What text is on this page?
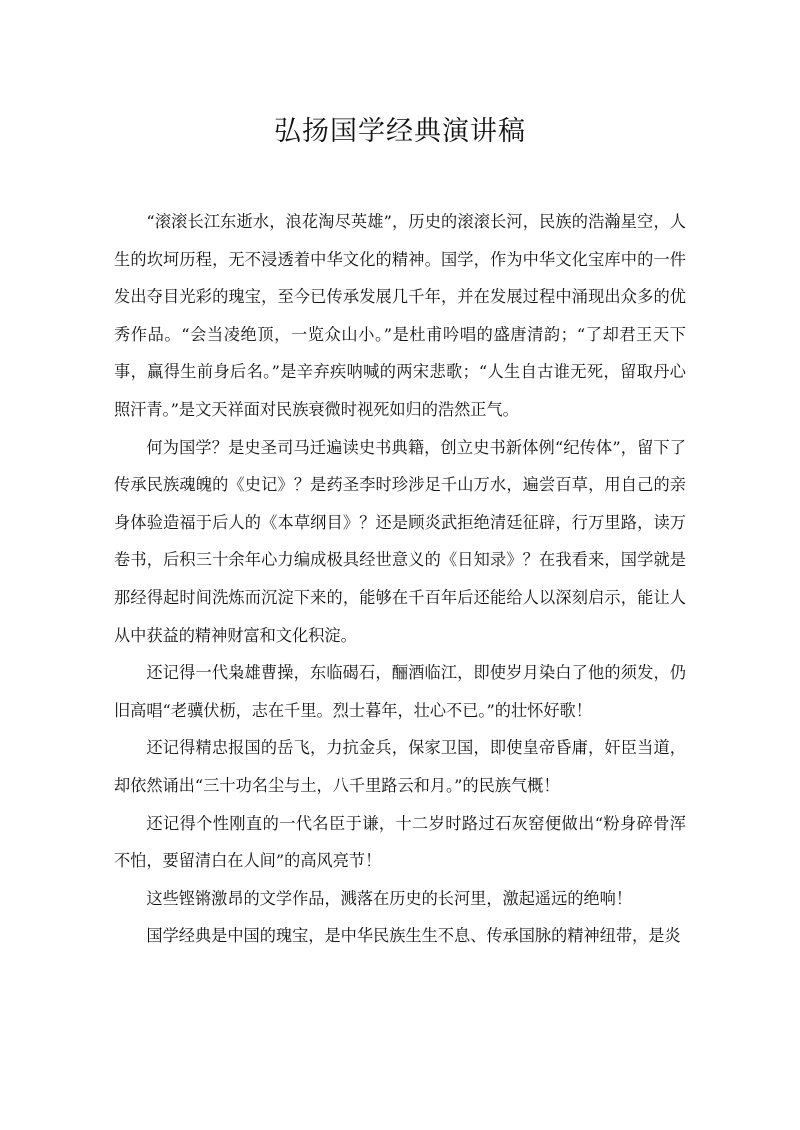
弘扬国学经典演讲稿

“滚滚长江东逝水，浪花淘尽英雄”，历史的滚滚长河，民族的浩瀚星空，人生的坎坷历程，无不浸透着中华文化的精神。国学，作为中华文化宝库中的一件发出夺目光彩的瑰宝，至今已传承发展几千年，并在发展过程中涌现出众多的优秀作品。“会当凌绝顶，一览众山小。”是杜甫吟唱的盛唐清韵；“了却君王天下事，赢得生前身后名。”是辛弃疾呐喊的两宋悲歌；“人生自古谁无死，留取丹心照汗青。”是文天祥面对民族衰微时视死如归的浩然正气。

何为国学？是史圣司马迁遍读史书典籍，创立史书新体例“纪传体”，留下了传承民族魂魄的《史记》？是药圣李时珍涉足千山万水，遍尝百草，用自己的亲身体验造福于后人的《本草纲目》？还是顾炎武拒绝清廷征辟，行万里路，读万卷书，后积三十余年心力编成极具经世意义的《日知录》？在我看来，国学就是那经得起时间洗炼而沉淀下来的，能够在千百年后还能给人以深刻启示，能让人从中获益的精神财富和文化积淀。

还记得一代枭雄曹操，东临碣石，酾酒临江，即使岁月染白了他的须发，仍旧高唱“老骥伏枥，志在千里。烈士暮年，壮心不已。”的壮怀好歌！

还记得精忠报国的岳飞，力抗金兵，保家卫国，即使皇帝昏庸，奸臣当道，却依然诵出“三十功名尘与土，八千里路云和月。”的民族气概！

还记得个性刚直的一代名臣于谦，十二岁时路过石灰窑便做出“粉身碎骨浑不怕，要留清白在人间”的高风亮节！

这些铿锵激昂的文学作品，溅落在历史的长河里，激起遥远的绝响！

国学经典是中国的瑰宝，是中华民族生生不息、传承国脉的精神纽带，是炎
